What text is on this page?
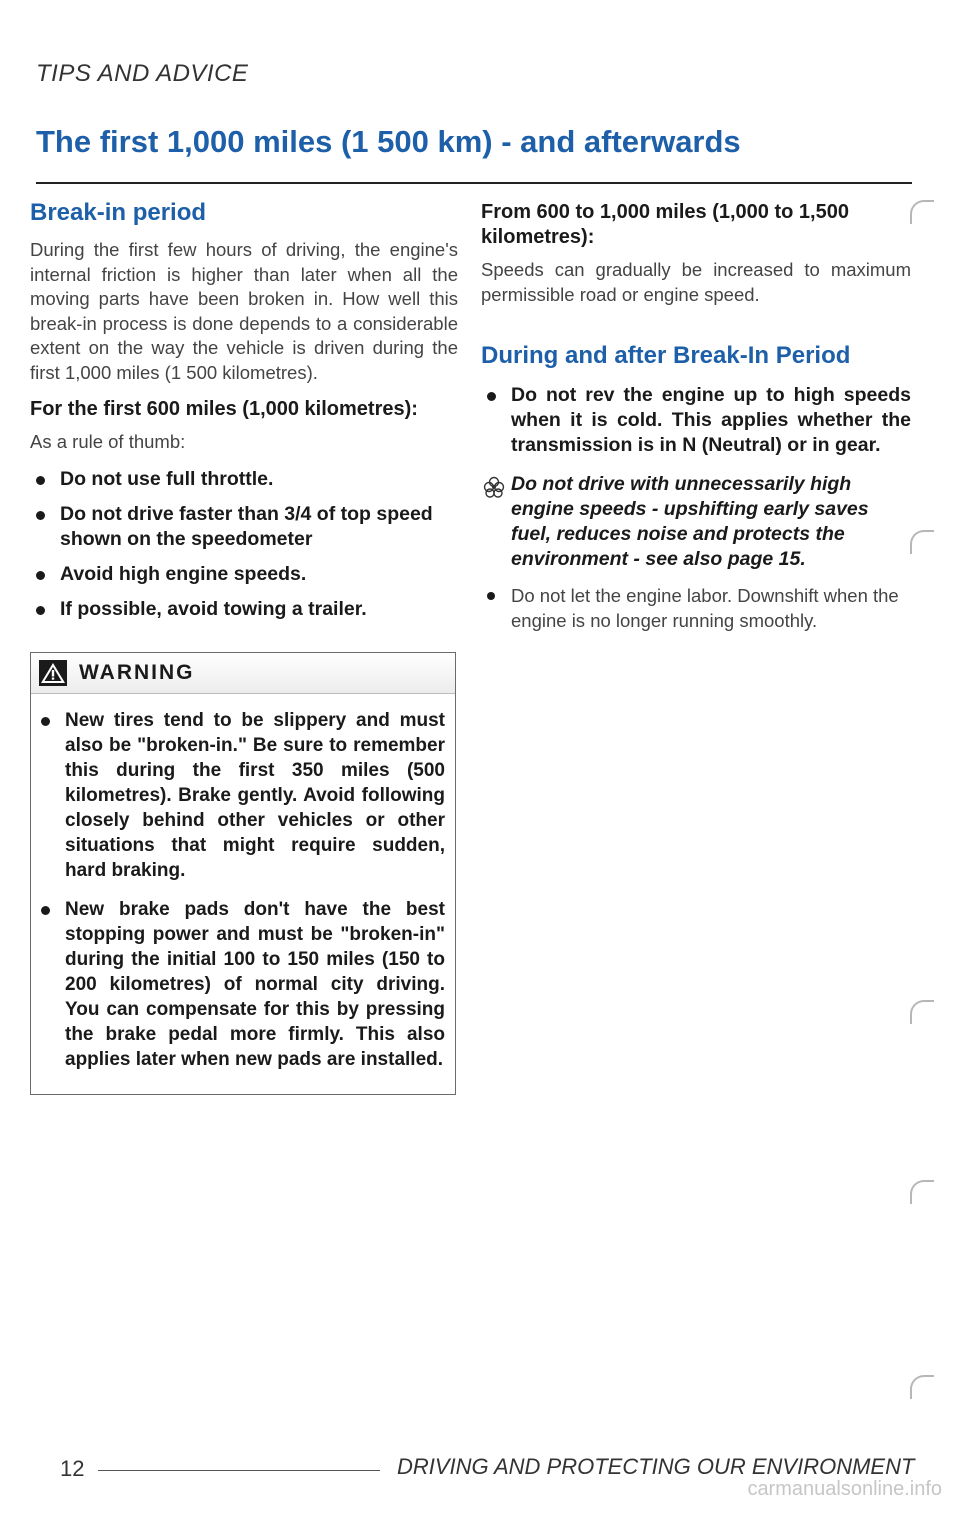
TIPS AND ADVICE
The first 1,000 miles (1 500 km) - and afterwards
Break-in period
During the first few hours of driving, the engine's internal friction is higher than later when all the moving parts have been broken in. How well this break-in process is done depends to a considerable extent on the way the vehicle is driven during the first 1,000 miles (1 500 kilometres).
For the first 600 miles (1,000 kilometres):
As a rule of thumb:
Do not use full throttle.
Do not drive faster than 3/4 of top speed shown on the speedometer
Avoid high engine speeds.
If possible, avoid towing a trailer.
WARNING
New tires tend to be slippery and must also be "broken-in." Be sure to remember this during the first 350 miles (500 kilometres). Brake gently. Avoid following closely behind other vehicles or other situations that might require sudden, hard braking.
New brake pads don't have the best stopping power and must be "broken-in" during the initial 100 to 150 miles (150 to 200 kilometres) of normal city driving. You can compensate for this by pressing the brake pedal more firmly. This also applies later when new pads are installed.
From 600 to 1,000 miles (1,000 to 1,500 kilometres):
Speeds can gradually be increased to maximum permissible road or engine speed.
During and after Break-In Period
Do not rev the engine up to high speeds when it is cold. This applies whether the transmission is in N (Neutral) or in gear.
Do not drive with unnecessarily high engine speeds - upshifting early saves fuel, reduces noise and protects the environment - see also page 15.
Do not let the engine labor. Downshift when the engine is no longer running smoothly.
12	DRIVING AND PROTECTING OUR ENVIRONMENT
carmanualsonline.info
